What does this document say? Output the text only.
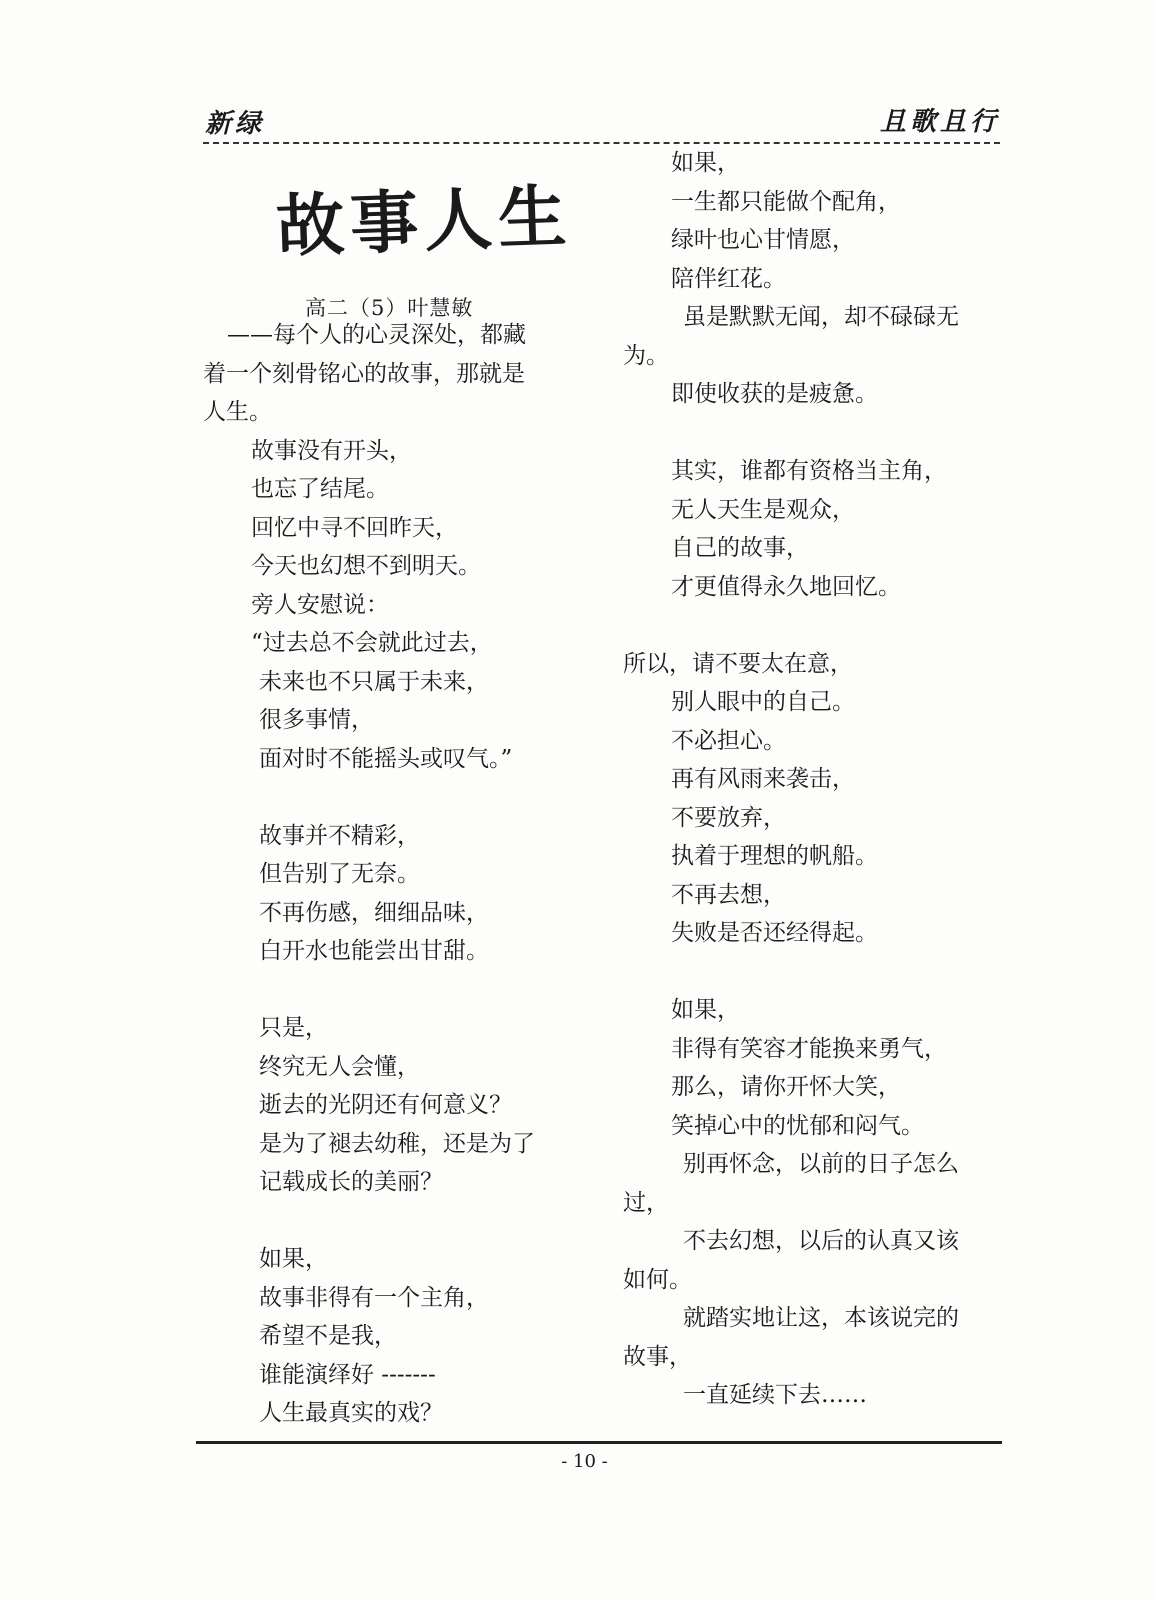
新绿	且歌且行
故事人生
高二（5）叶慧敏
——每个人的心灵深处，都藏
着一个刻骨铭心的故事，那就是
人生。
故事没有开头，
也忘了结尾。
回忆中寻不回昨天，
今天也幻想不到明天。
旁人安慰说：
“过去总不会就此过去，
未来也不只属于未来，
很多事情，
面对时不能摇头或叹气。”
故事并不精彩，
但告别了无奈。
不再伤感，细细品味，
白开水也能尝出甘甜。
只是，
终究无人会懂，
逝去的光阴还有何意义？
是为了褪去幼稚，还是为了
记载成长的美丽？
如果，
故事非得有一个主角，
希望不是我，
谁能演绎好 -------
人生最真实的戏？
如果，
一生都只能做个配角，
绿叶也心甘情愿，
陪伴红花。
虽是默默无闻，却不碌碌无
为。
即使收获的是疲惫。
其实，谁都有资格当主角，
无人天生是观众，
自己的故事，
才更值得永久地回忆。
所以，请不要太在意，
别人眼中的自己。
不必担心。
再有风雨来袭击，
不要放弃，
执着于理想的帆船。
不再去想，
失败是否还经得起。
如果，
非得有笑容才能换来勇气，
那么，请你开怀大笑，
笑掉心中的忧郁和闷气。
别再怀念，以前的日子怎么
过，
不去幻想，以后的认真又该
如何。
就踏实地让这，本该说完的
故事，
一直延续下去……
- 10 -
